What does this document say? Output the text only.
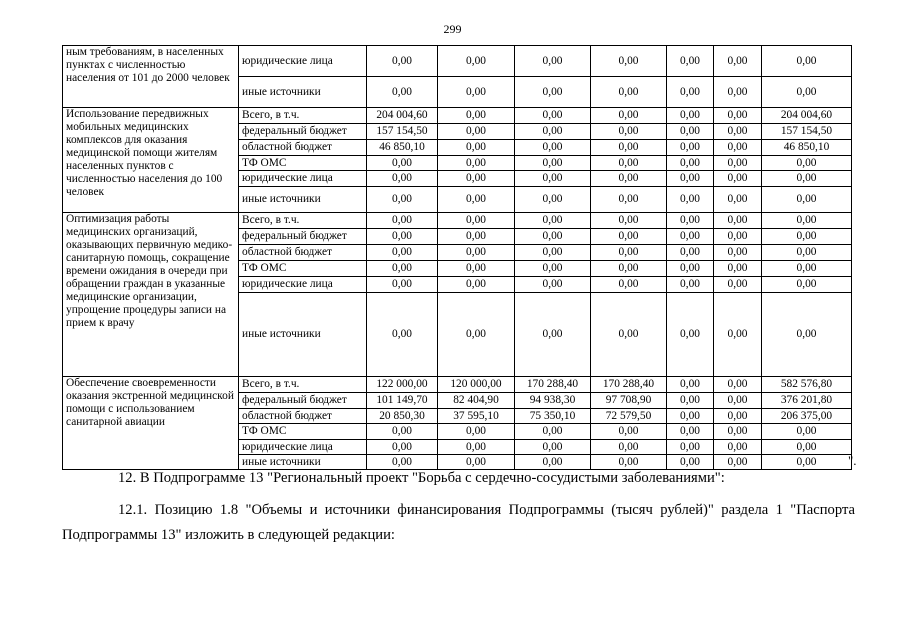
299
ным требованиям, в населенных пунктах с численностью населения от 101 до 2000 человек	юридические лица	0,00	0,00	0,00	0,00	0,00	0,00	0,00
	иные источники	0,00	0,00	0,00	0,00	0,00	0,00	0,00
Использование передвижных мобильных медицинских комплексов для оказания медицинской помощи жителям населенных пунктов с численностью населения до 100 человек	Всего, в т.ч.	204 004,60	0,00	0,00	0,00	0,00	0,00	204 004,60
	федеральный бюджет	157 154,50	0,00	0,00	0,00	0,00	0,00	157 154,50
	областной бюджет	46 850,10	0,00	0,00	0,00	0,00	0,00	46 850,10
	ТФ ОМС	0,00	0,00	0,00	0,00	0,00	0,00	0,00
	юридические лица	0,00	0,00	0,00	0,00	0,00	0,00	0,00
	иные источники	0,00	0,00	0,00	0,00	0,00	0,00	0,00
Оптимизация работы медицинских организаций, оказывающих первичную медико-санитарную помощь, сокращение времени ожидания в очереди при обращении граждан в указанные медицинские организации, упрощение процедуры записи на прием к врачу	Всего, в т.ч.	0,00	0,00	0,00	0,00	0,00	0,00	0,00
	федеральный бюджет	0,00	0,00	0,00	0,00	0,00	0,00	0,00
	областной бюджет	0,00	0,00	0,00	0,00	0,00	0,00	0,00
	ТФ ОМС	0,00	0,00	0,00	0,00	0,00	0,00	0,00
	юридические лица	0,00	0,00	0,00	0,00	0,00	0,00	0,00
	иные источники	0,00	0,00	0,00	0,00	0,00	0,00	0,00
Обеспечение своевременности оказания экстренной медицинской помощи с использованием санитарной авиации	Всего, в т.ч.	122 000,00	120 000,00	170 288,40	170 288,40	0,00	0,00	582 576,80
	федеральный бюджет	101 149,70	82 404,90	94 938,30	97 708,90	0,00	0,00	376 201,80
	областной бюджет	20 850,30	37 595,10	75 350,10	72 579,50	0,00	0,00	206 375,00
	ТФ ОМС	0,00	0,00	0,00	0,00	0,00	0,00	0,00
	юридические лица	0,00	0,00	0,00	0,00	0,00	0,00	0,00
	иные источники	0,00	0,00	0,00	0,00	0,00	0,00	0,00 ".

12. В Подпрограмме 13 "Региональный проект "Борьба с сердечно-сосудистыми заболеваниями":

12.1. Позицию 1.8 "Объемы и источники финансирования Подпрограммы (тысяч рублей)" раздела 1 "Паспорта Подпрограммы 13" изложить в следующей редакции:
